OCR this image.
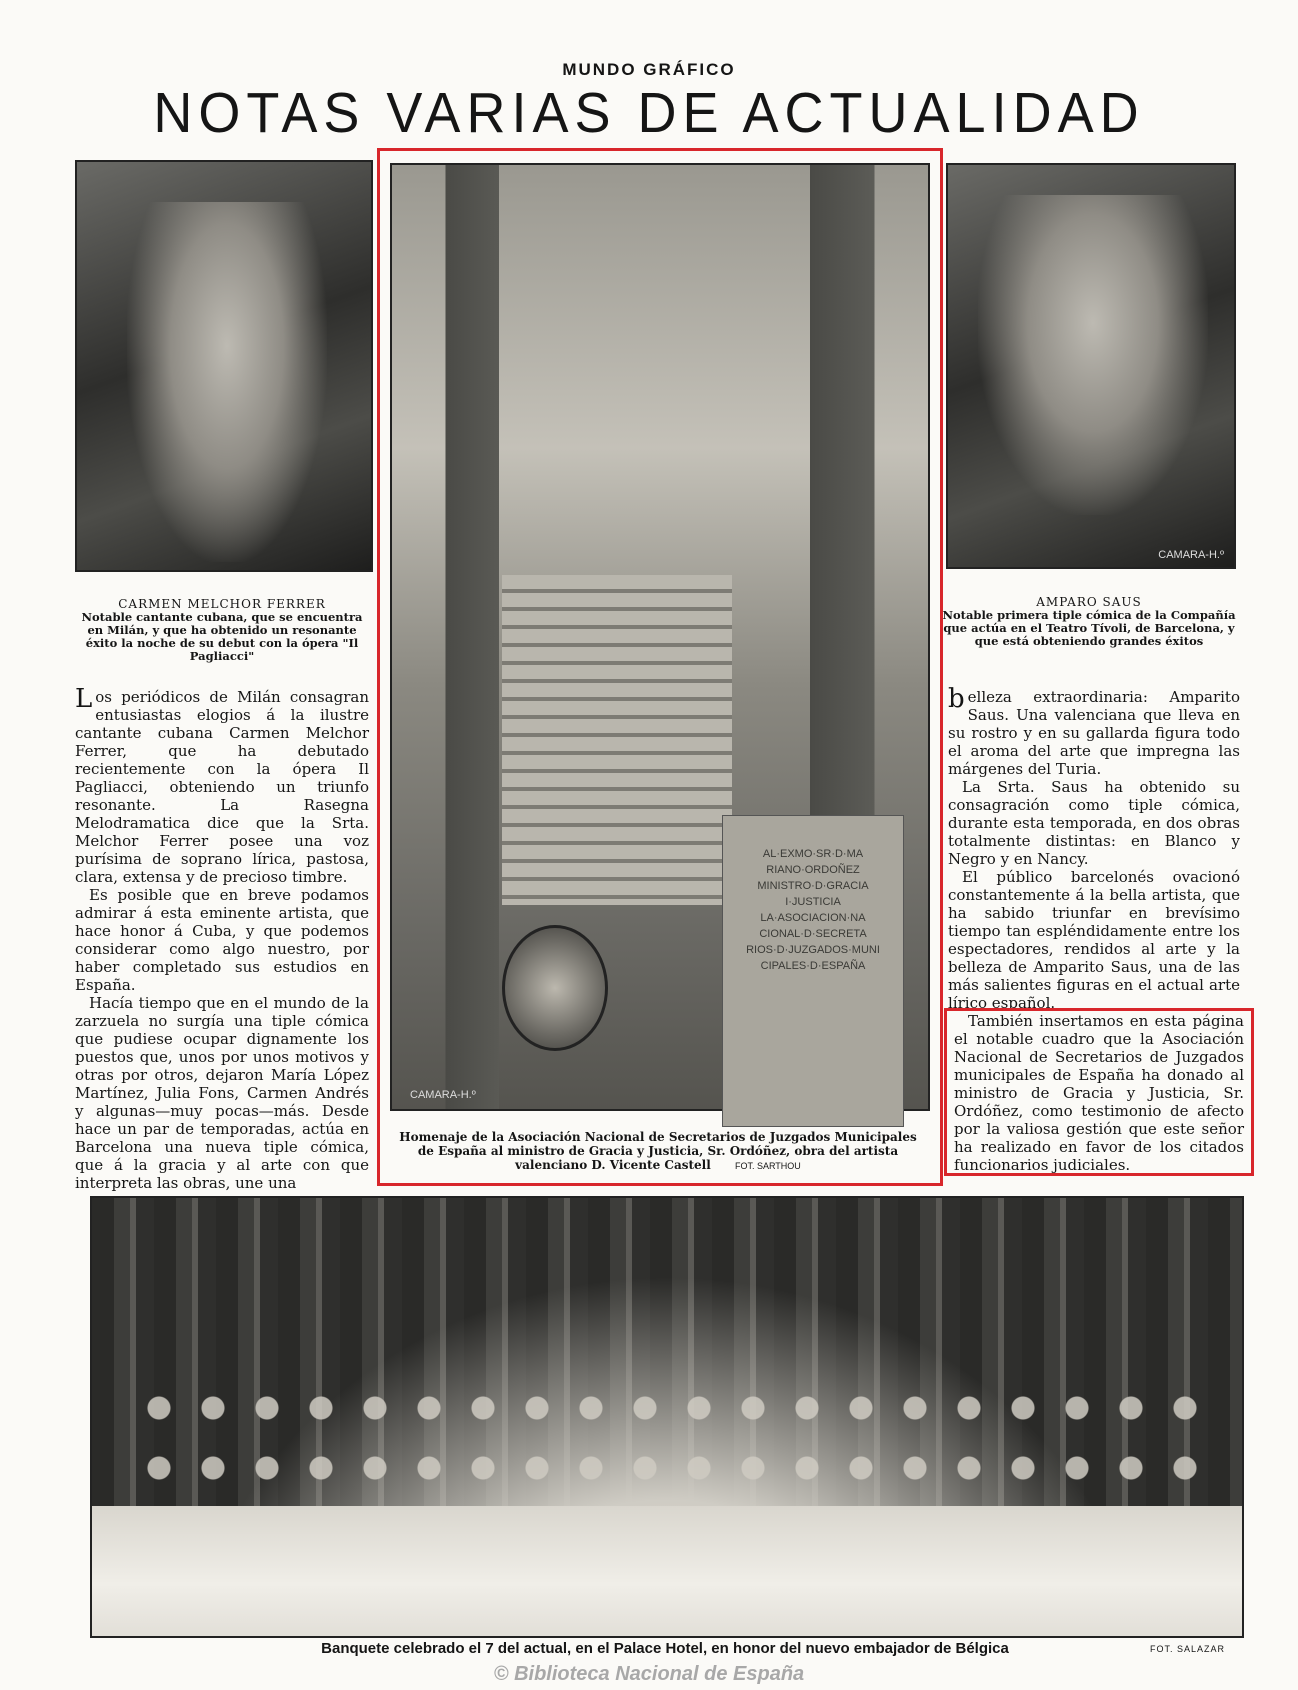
MUNDO GRÁFICO
NOTAS VARIAS DE ACTUALIDAD
CARMEN MELCHOR FERRER
Notable cantante cubana, que se encuentra en Milán, y que ha obtenido un resonante éxito la noche de su debut con la ópera "Il Pagliacci"

Los periódicos de Milán consagran entusiastas elogios á la ilustre cantante cubana Carmen Melchor Ferrer, que ha debutado recientemente con la ópera Il Pagliacci, obteniendo un triunfo resonante. La Rasegna Melodramatica dice que la Srta. Melchor Ferrer posee una voz purísima de soprano lírica, pastosa, clara, extensa y de precioso timbre.

Es posible que en breve podamos admirar á esta eminente artista, que hace honor á Cuba, y que podemos considerar como algo nuestro, por haber completado sus estudios en España.

Hacía tiempo que en el mundo de la zarzuela no surgía una tiple cómica que pudiese ocupar dignamente los puestos que, unos por unos motivos y otras por otros, dejaron María López Martínez, Julia Fons, Carmen Andrés y algunas—muy pocas—más. Desde hace un par de temporadas, actúa en Barcelona una nueva tiple cómica, que á la gracia y al arte con que interpreta las obras, une una

AL·EXMO·SR·D·MA
RIANO·ORDOÑEZ
MINISTRO·D·GRACIA
I·JUSTICIA
LA·ASOCIACION·NA
CIONAL·D·SECRETA
RIOS·D·JUZGADOS·MUNI
CIPALES·D·ESPAÑA
CAMARA-H.º
Homenaje de la Asociación Nacional de Secretarios de Juzgados Municipales de España al ministro de Gracia y Justicia, Sr. Ordóñez, obra del artista valenciano D. Vicente Castell	FOT. SARTHOU
CAMARA-H.º
AMPARO SAUS
Notable primera tiple cómica de la Compañía que actúa en el Teatro Tívoli, de Barcelona, y que está obteniendo grandes éxitos

belleza extraordinaria: Amparito Saus. Una valenciana que lleva en su rostro y en su gallarda figura todo el aroma del arte que impregna las márgenes del Turia.

La Srta. Saus ha obtenido su consagración como tiple cómica, durante esta temporada, en dos obras totalmente distintas: en Blanco y Negro y en Nancy.

El público barcelonés ovacionó constantemente á la bella artista, que ha sabido triunfar en brevísimo tiempo tan espléndidamente entre los espectadores, rendidos al arte y la belleza de Amparito Saus, una de las más salientes figuras en el actual arte lírico español.

También insertamos en esta página el notable cuadro que la Asociación Nacional de Secretarios de Juzgados municipales de España ha donado al ministro de Gracia y Justicia, Sr. Ordóñez, como testimonio de afecto por la valiosa gestión que este señor ha realizado en favor de los citados funcionarios judiciales.

Banquete celebrado el 7 del actual, en el Palace Hotel, en honor del nuevo embajador de Bélgica	FOT. SALAZAR
© Biblioteca Nacional de España
